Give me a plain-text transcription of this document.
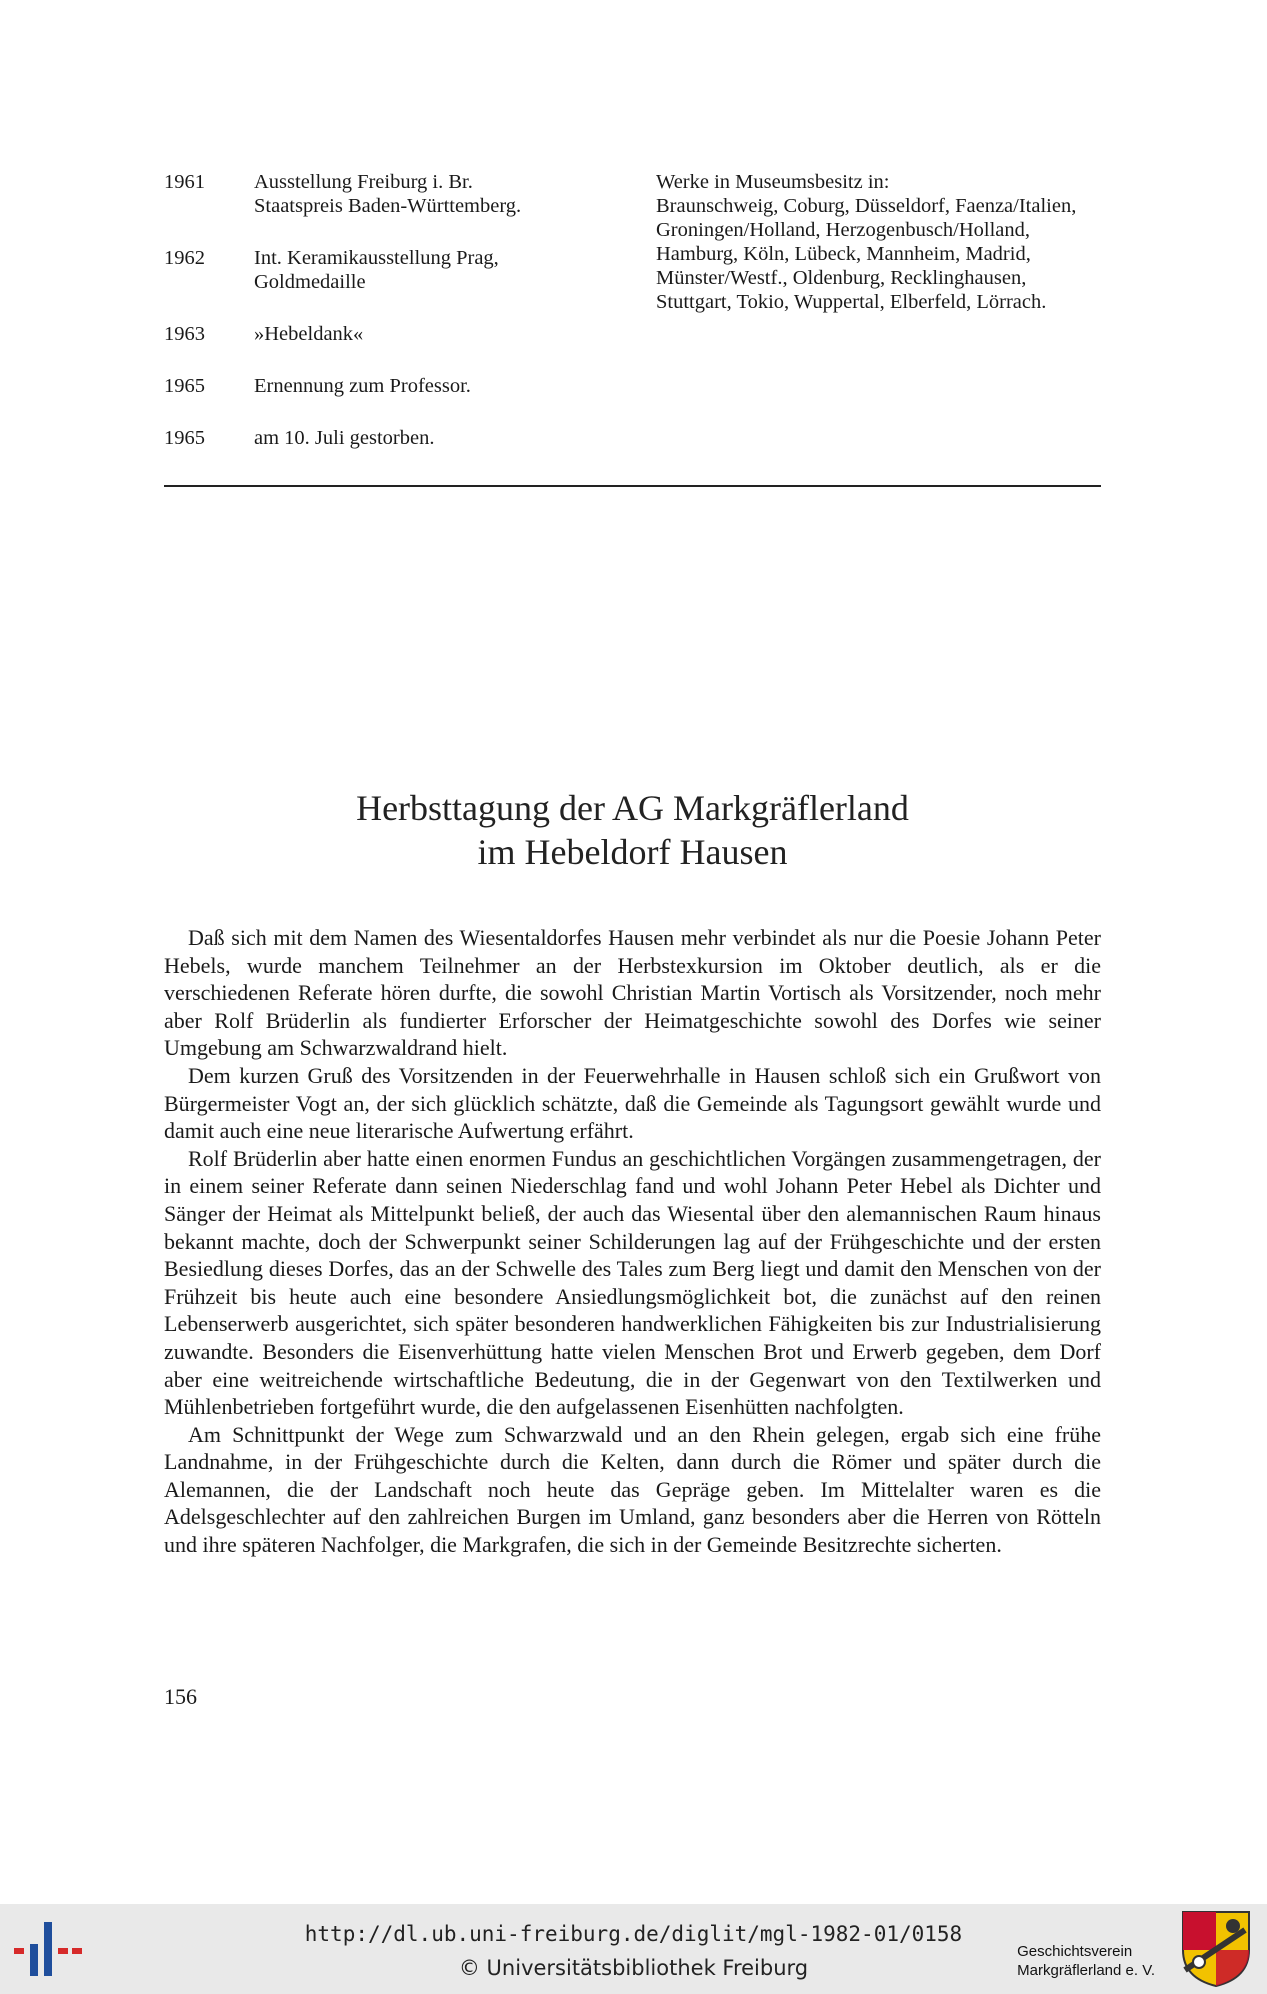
1961	Ausstellung Freiburg i. Br.
Staatspreis Baden-Württemberg.
1962	Int. Keramikausstellung Prag,
Goldmedaille
1963	»Hebeldank«
1965	Ernennung zum Professor.
1965	am 10. Juli gestorben.
Werke in Museumsbesitz in:
Braunschweig, Coburg, Düsseldorf, Faenza/Italien, Groningen/Holland, Herzogenbusch/Holland, Hamburg, Köln, Lübeck, Mannheim, Madrid, Münster/Westf., Oldenburg, Recklinghausen, Stuttgart, Tokio, Wuppertal, Elberfeld, Lörrach.
Herbsttagung der AG Markgräflerland
im Hebeldorf Hausen

Daß sich mit dem Namen des Wiesentaldorfes Hausen mehr verbindet als nur die Poesie Johann Peter Hebels, wurde manchem Teilnehmer an der Herbstexkursion im Oktober deutlich, als er die verschiedenen Referate hören durfte, die sowohl Christian Martin Vortisch als Vorsitzender, noch mehr aber Rolf Brüderlin als fundierter Erforscher der Heimatgeschichte sowohl des Dorfes wie seiner Umgebung am Schwarzwaldrand hielt.

Dem kurzen Gruß des Vorsitzenden in der Feuerwehrhalle in Hausen schloß sich ein Grußwort von Bürgermeister Vogt an, der sich glücklich schätzte, daß die Gemeinde als Tagungsort gewählt wurde und damit auch eine neue literarische Aufwertung erfährt.

Rolf Brüderlin aber hatte einen enormen Fundus an geschichtlichen Vorgängen zusammengetragen, der in einem seiner Referate dann seinen Niederschlag fand und wohl Johann Peter Hebel als Dichter und Sänger der Heimat als Mittelpunkt beließ, der auch das Wiesental über den alemannischen Raum hinaus bekannt machte, doch der Schwerpunkt seiner Schilderungen lag auf der Frühgeschichte und der ersten Besiedlung dieses Dorfes, das an der Schwelle des Tales zum Berg liegt und damit den Menschen von der Frühzeit bis heute auch eine besondere Ansiedlungsmöglichkeit bot, die zunächst auf den reinen Lebenserwerb ausgerichtet, sich später besonderen handwerklichen Fähigkeiten bis zur Industrialisierung zuwandte. Besonders die Eisenverhüttung hatte vielen Menschen Brot und Erwerb gegeben, dem Dorf aber eine weitreichende wirtschaftliche Bedeutung, die in der Gegenwart von den Textilwerken und Mühlenbetrieben fortgeführt wurde, die den aufgelassenen Eisenhütten nachfolgten.

Am Schnittpunkt der Wege zum Schwarzwald und an den Rhein gelegen, ergab sich eine frühe Landnahme, in der Frühgeschichte durch die Kelten, dann durch die Römer und später durch die Alemannen, die der Landschaft noch heute das Gepräge geben. Im Mittelalter waren es die Adelsgeschlechter auf den zahlreichen Burgen im Umland, ganz besonders aber die Herren von Rötteln und ihre späteren Nachfolger, die Markgrafen, die sich in der Gemeinde Besitzrechte sicherten.

156
http://dl.ub.uni-freiburg.de/diglit/mgl-1982-01/0158
© Universitätsbibliothek Freiburg
Geschichtsverein
Markgräflerland e. V.
